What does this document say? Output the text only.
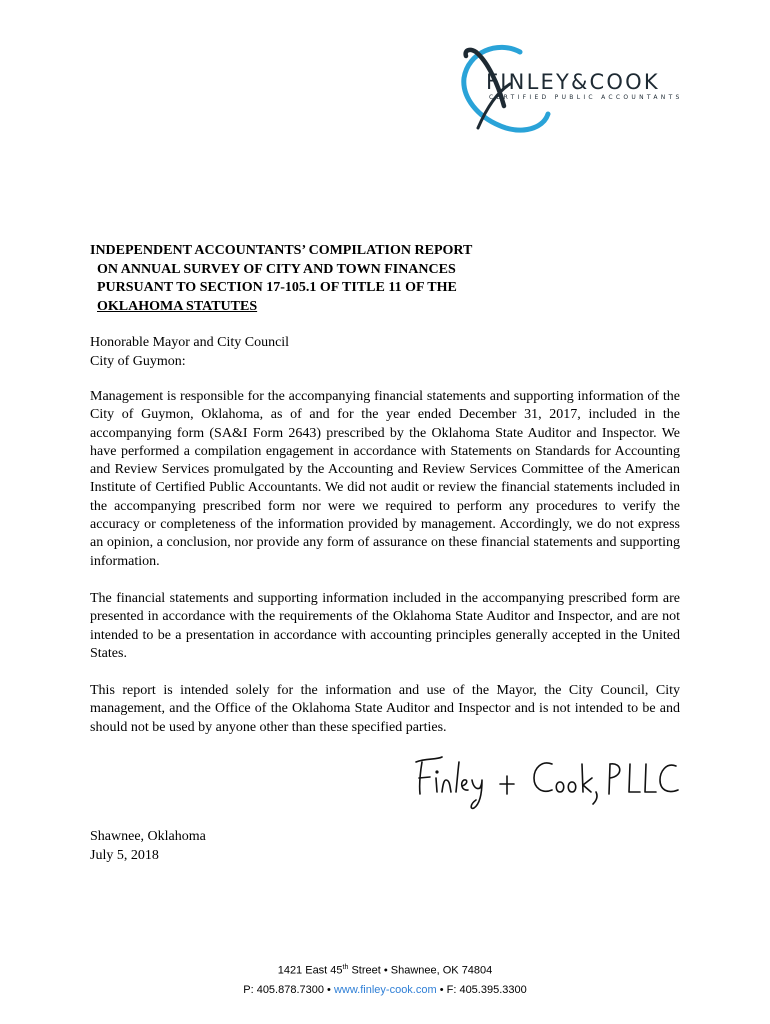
FINLEY&COOK
CERTIFIED PUBLIC ACCOUNTANTS
INDEPENDENT ACCOUNTANTS’ COMPILATION REPORT
ON ANNUAL SURVEY OF CITY AND TOWN FINANCES
PURSUANT TO SECTION 17-105.1 OF TITLE 11 OF THE
OKLAHOMA STATUTES
Honorable Mayor and City Council
City of Guymon:

Management is responsible for the accompanying financial statements and supporting information of the City of Guymon, Oklahoma, as of and for the year ended December 31, 2017, included in the accompanying form (SA&I Form 2643) prescribed by the Oklahoma State Auditor and Inspector. We have performed a compilation engagement in accordance with Statements on Standards for Accounting and Review Services promulgated by the Accounting and Review Services Committee of the American Institute of Certified Public Accountants. We did not audit or review the financial statements included in the accompanying prescribed form nor were we required to perform any procedures to verify the accuracy or completeness of the information provided by management. Accordingly, we do not express an opinion, a conclusion, nor provide any form of assurance on these financial statements and supporting information.

The financial statements and supporting information included in the accompanying prescribed form are presented in accordance with the requirements of the Oklahoma State Auditor and Inspector, and are not intended to be a presentation in accordance with accounting principles generally accepted in the United States.

This report is intended solely for the information and use of the Mayor, the City Council, City management, and the Office of the Oklahoma State Auditor and Inspector and is not intended to be and should not be used by anyone other than these specified parties.

Shawnee, Oklahoma
July 5, 2018
1421 East 45th Street • Shawnee, OK 74804
P: 405.878.7300 • www.finley-cook.com • F: 405.395.3300
